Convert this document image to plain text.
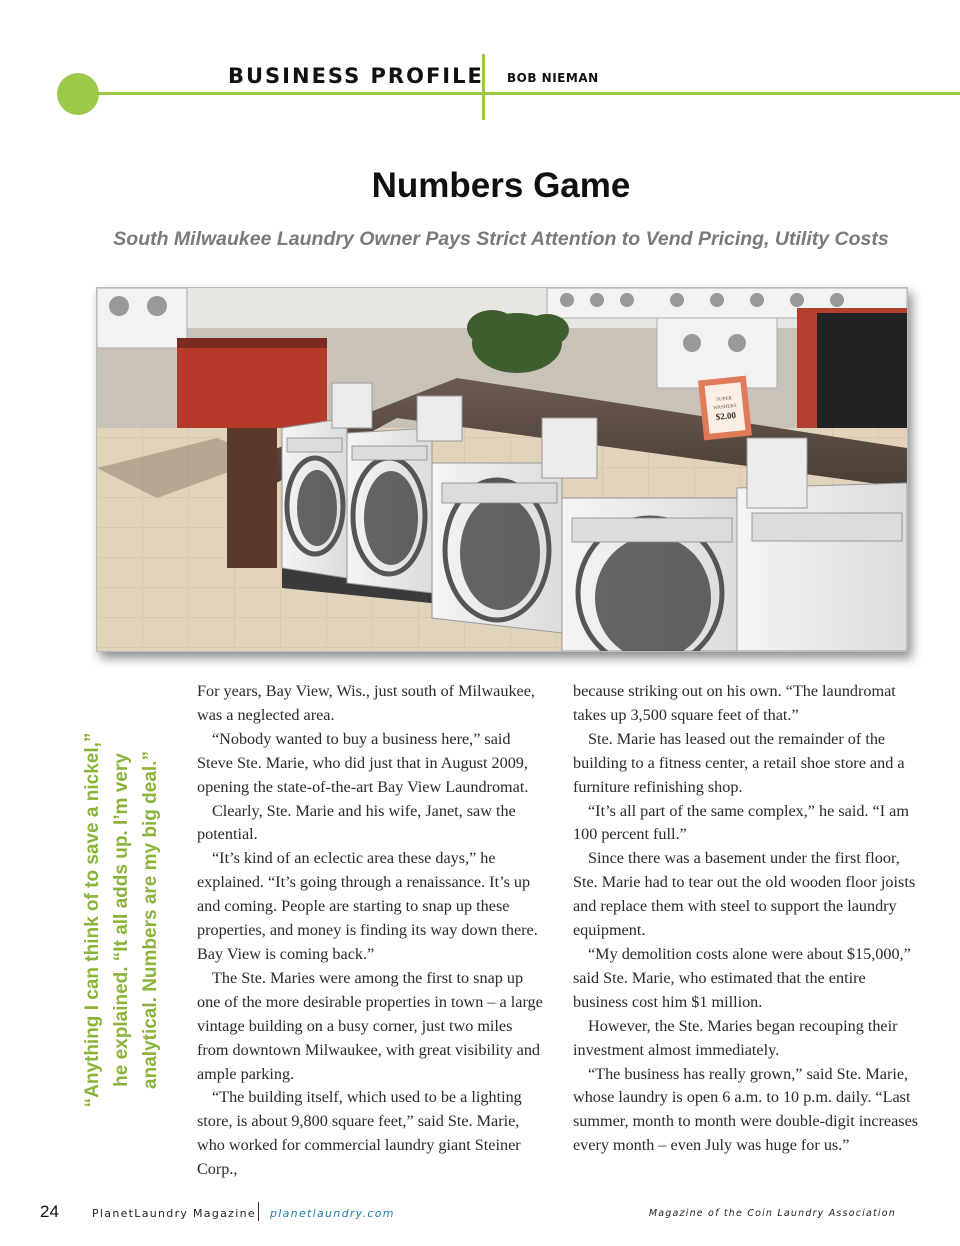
BUSINESS PROFILE BOB NIEMAN
Numbers Game
South Milwaukee Laundry Owner Pays Strict Attention to Vend Pricing, Utility Costs
SUPER
WASHERS
$2.00
“Anything I can think of to save a nickel,” he explained. “It all adds up. I’m very analytical. Numbers are my big deal.”

For years, Bay View, Wis., just south of Milwaukee, was a neglected area.

“Nobody wanted to buy a business here,” said Steve Ste. Marie, who did just that in August 2009, opening the state-of-the-art Bay View Laundromat.

Clearly, Ste. Marie and his wife, Janet, saw the potential.

“It’s kind of an eclectic area these days,” he explained. “It’s going through a renaissance. It’s up and coming. People are starting to snap up these properties, and money is finding its way down there. Bay View is coming back.”

The Ste. Maries were among the first to snap up one of the more desirable properties in town – a large vintage building on a busy corner, just two miles from downtown Milwaukee, with great visibility and ample parking.

“The building itself, which used to be a lighting store, is about 9,800 square feet,” said Ste. Marie, who worked for commercial laundry giant Steiner Corp.,

because striking out on his own. “The laundromat takes up 3,500 square feet of that.”

Ste. Marie has leased out the remainder of the building to a fitness center, a retail shoe store and a furniture refinishing shop.

“It’s all part of the same complex,” he said. “I am 100 percent full.”

Since there was a basement under the first floor, Ste. Marie had to tear out the old wooden floor joists and replace them with steel to support the laundry equipment.

“My demolition costs alone were about $15,000,” said Ste. Marie, who estimated that the entire business cost him $1 million.

However, the Ste. Maries began recouping their investment almost immediately.

“The business has really grown,” said Ste. Marie, whose laundry is open 6 a.m. to 10 p.m. daily. “Last summer, month to month were double-digit increases every month – even July was huge for us.”

24	PlanetLaundry Magazine planetlaundry.com	Magazine of the Coin Laundry Association
